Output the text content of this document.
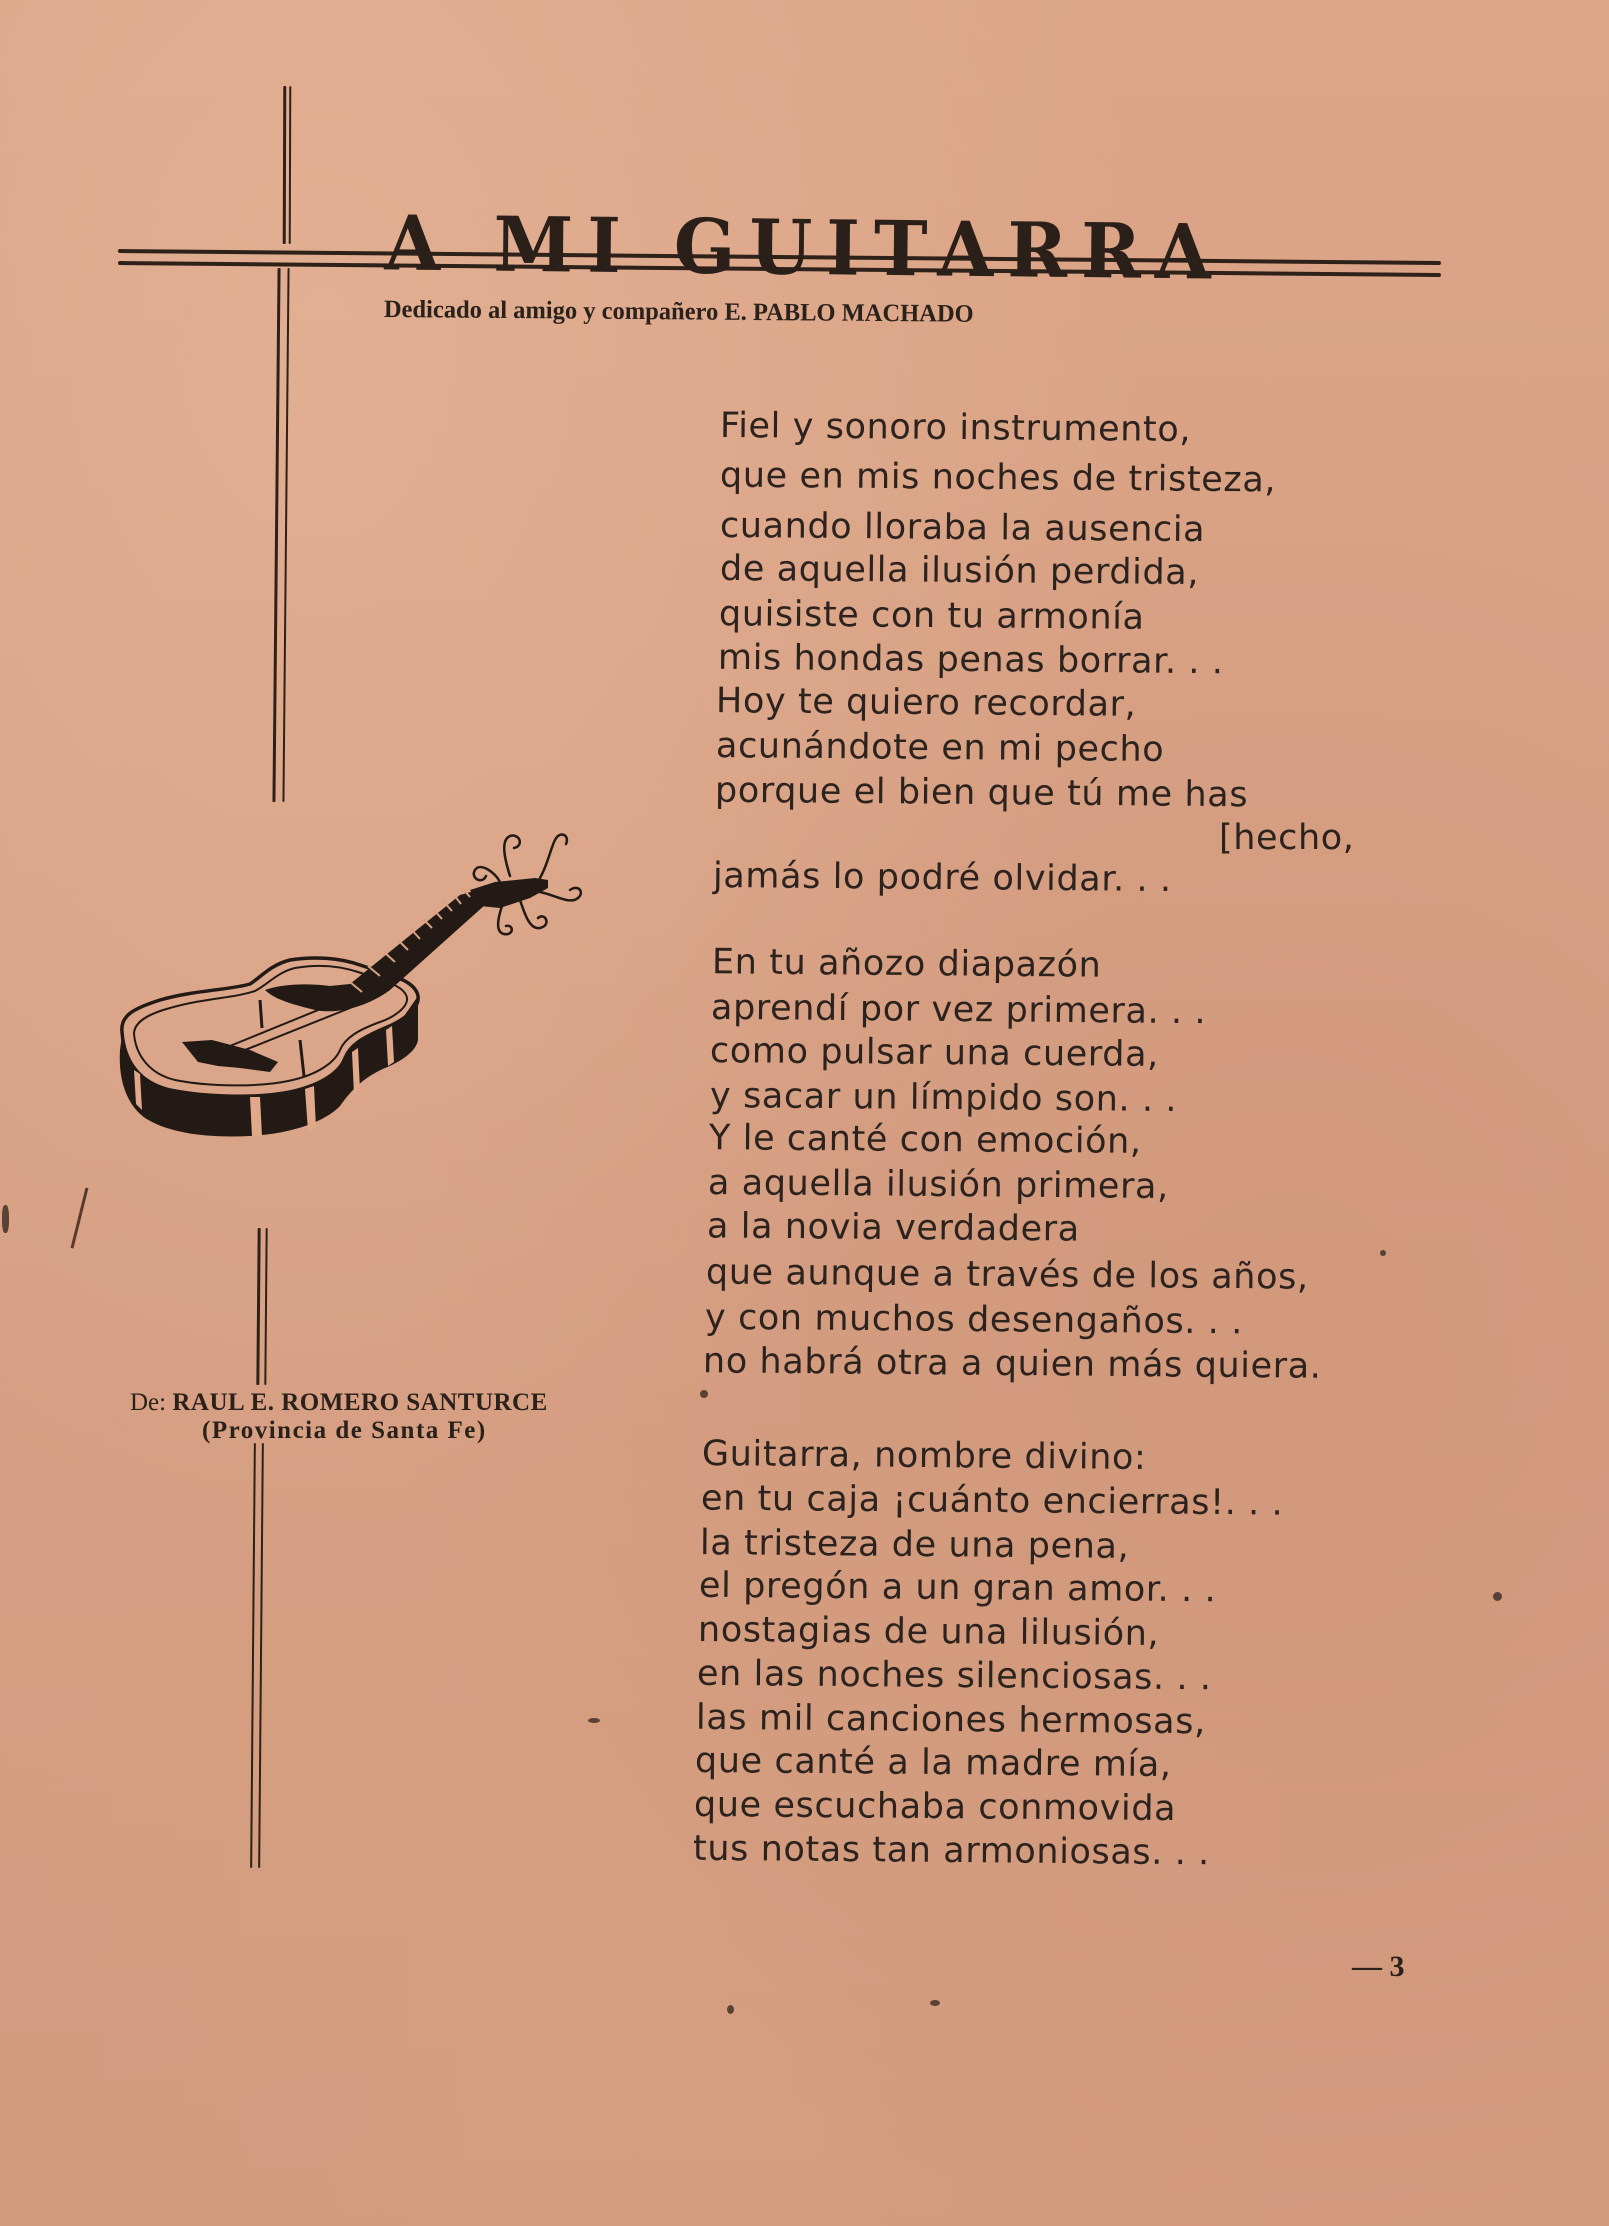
A MI GUITARRA
Dedicado al amigo y compañero E. PABLO MACHADO
Fiel y sonoro instrumento,
que en mis noches de tristeza,
cuando lloraba la ausencia
de aquella ilusión perdida,
quisiste con tu armonía
mis hondas penas borrar. . .
Hoy te quiero recordar,
acunándote en mi pecho
porque el bien que tú me has
[hecho,
jamás lo podré olvidar. . .
En tu añozo diapazón
aprendí por vez primera. . .
como pulsar una cuerda,
y sacar un límpido son. . .
Y le canté con emoción,
a aquella ilusión primera,
a la novia verdadera
que aunque a través de los años,
y con muchos desengaños. . .
no habrá otra a quien más quiera.
Guitarra, nombre divino:
en tu caja ¡cuánto encierras!. . .
la tristeza de una pena,
el pregón a un gran amor. . .
nostagias de una lilusión,
en las noches silenciosas. . .
las mil canciones hermosas,
que canté a la madre mía,
que escuchaba conmovida
tus notas tan armoniosas. . .
De: RAUL E. ROMERO SANTURCE
(Provincia de Santa Fe)
— 3
